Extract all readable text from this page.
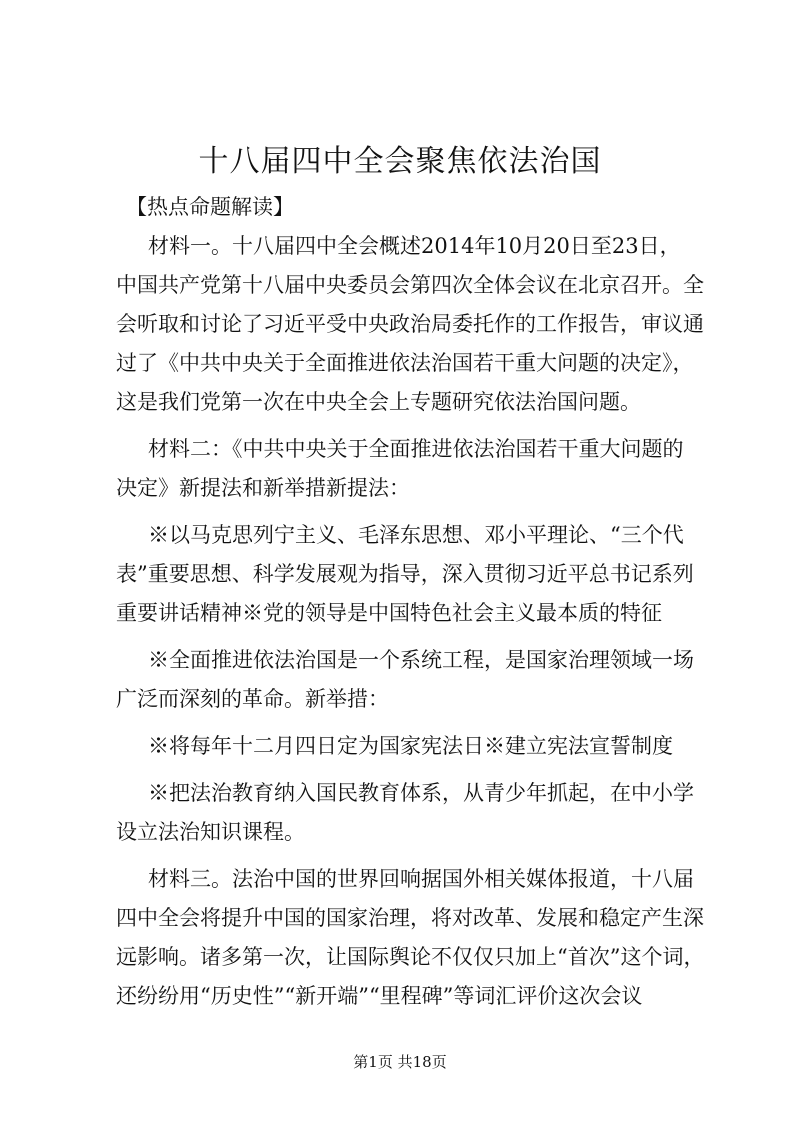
十八届四中全会聚焦依法治国
【热点命题解读】
材料一。十八届四中全会概述2014年10月20日至23日，
中国共产党第十八届中央委员会第四次全体会议在北京召开。全
会听取和讨论了习近平受中央政治局委托作的工作报告，审议通
过了《中共中央关于全面推进依法治国若干重大问题的决定》，
这是我们党第一次在中央全会上专题研究依法治国问题。
材料二：《中共中央关于全面推进依法治国若干重大问题的
决定》新提法和新举措新提法：
※以马克思列宁主义、毛泽东思想、邓小平理论、“三个代
表”重要思想、科学发展观为指导，深入贯彻习近平总书记系列
重要讲话精神※党的领导是中国特色社会主义最本质的特征
※全面推进依法治国是一个系统工程，是国家治理领域一场
广泛而深刻的革命。新举措：
※将每年十二月四日定为国家宪法日※建立宪法宣誓制度
※把法治教育纳入国民教育体系，从青少年抓起，在中小学
设立法治知识课程。
材料三。法治中国的世界回响据国外相关媒体报道，十八届
四中全会将提升中国的国家治理，将对改革、发展和稳定产生深
远影响。诸多第一次，让国际舆论不仅仅只加上“首次”这个词，
还纷纷用“历史性”“新开端”“里程碑”等词汇评价这次会议
第1页 共18页
